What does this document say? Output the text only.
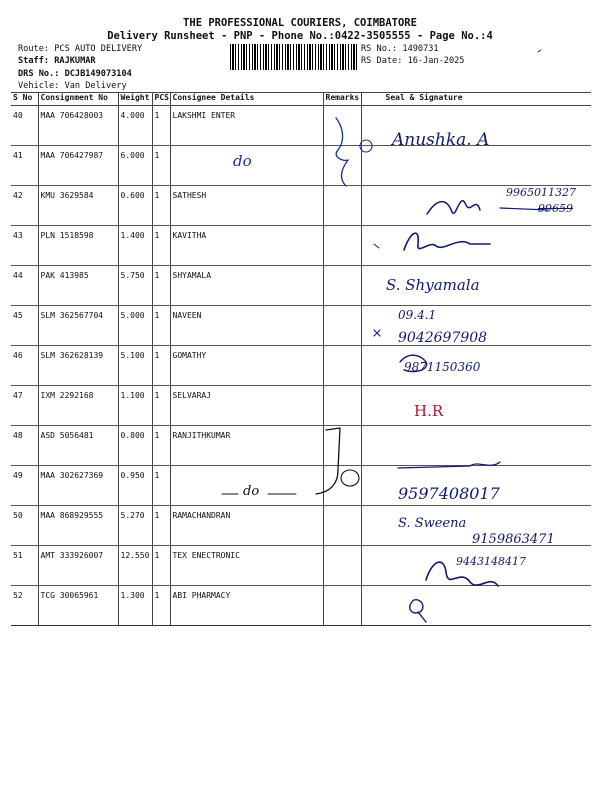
THE PROFESSIONAL COURIERS, COIMBATORE
Delivery Runsheet - PNP - Phone No.:0422-3505555 - Page No.:4
Route: PCS AUTO DELIVERY
Staff: RAJKUMAR
DRS No.: DCJB149073104
Vehicle: Van Delivery
RS No.: 1490731
RS Date: 16-Jan-2025
S No	Consignment No	Weight	PCS	Consignee Details	Remarks	Seal & Signature
40	MAA 706428003	4.000	1	LAKSHMI ENTER		
41	MAA 706427987	6.000	1			
42	KMU 3629584	0.600	1	SATHESH		
43	PLN 1518598	1.400	1	KAVITHA		
44	PAK 413985	5.750	1	SHYAMALA		
45	SLM 362567704	5.000	1	NAVEEN		
46	SLM 362628139	5.100	1	GOMATHY		
47	IXM 2292168	1.100	1	SELVARAJ		
48	ASD 5056481	0.800	1	RANJITHKUMAR		
49	MAA 302627369	0.950	1			
50	MAA 868929555	5.270	1	RAMACHANDRAN		
51	AMT 333926007	12.550	1	TEX ENECTRONIC		
52	TCG 30065961	1.300	1	ABI PHARMACY		
Anushka. A
do
9965011327
99659
S. Shyamala
09.4.1
9042697908
9871150360
H.R
do	9597408017
S. Sweena
9159863471
9443148417
